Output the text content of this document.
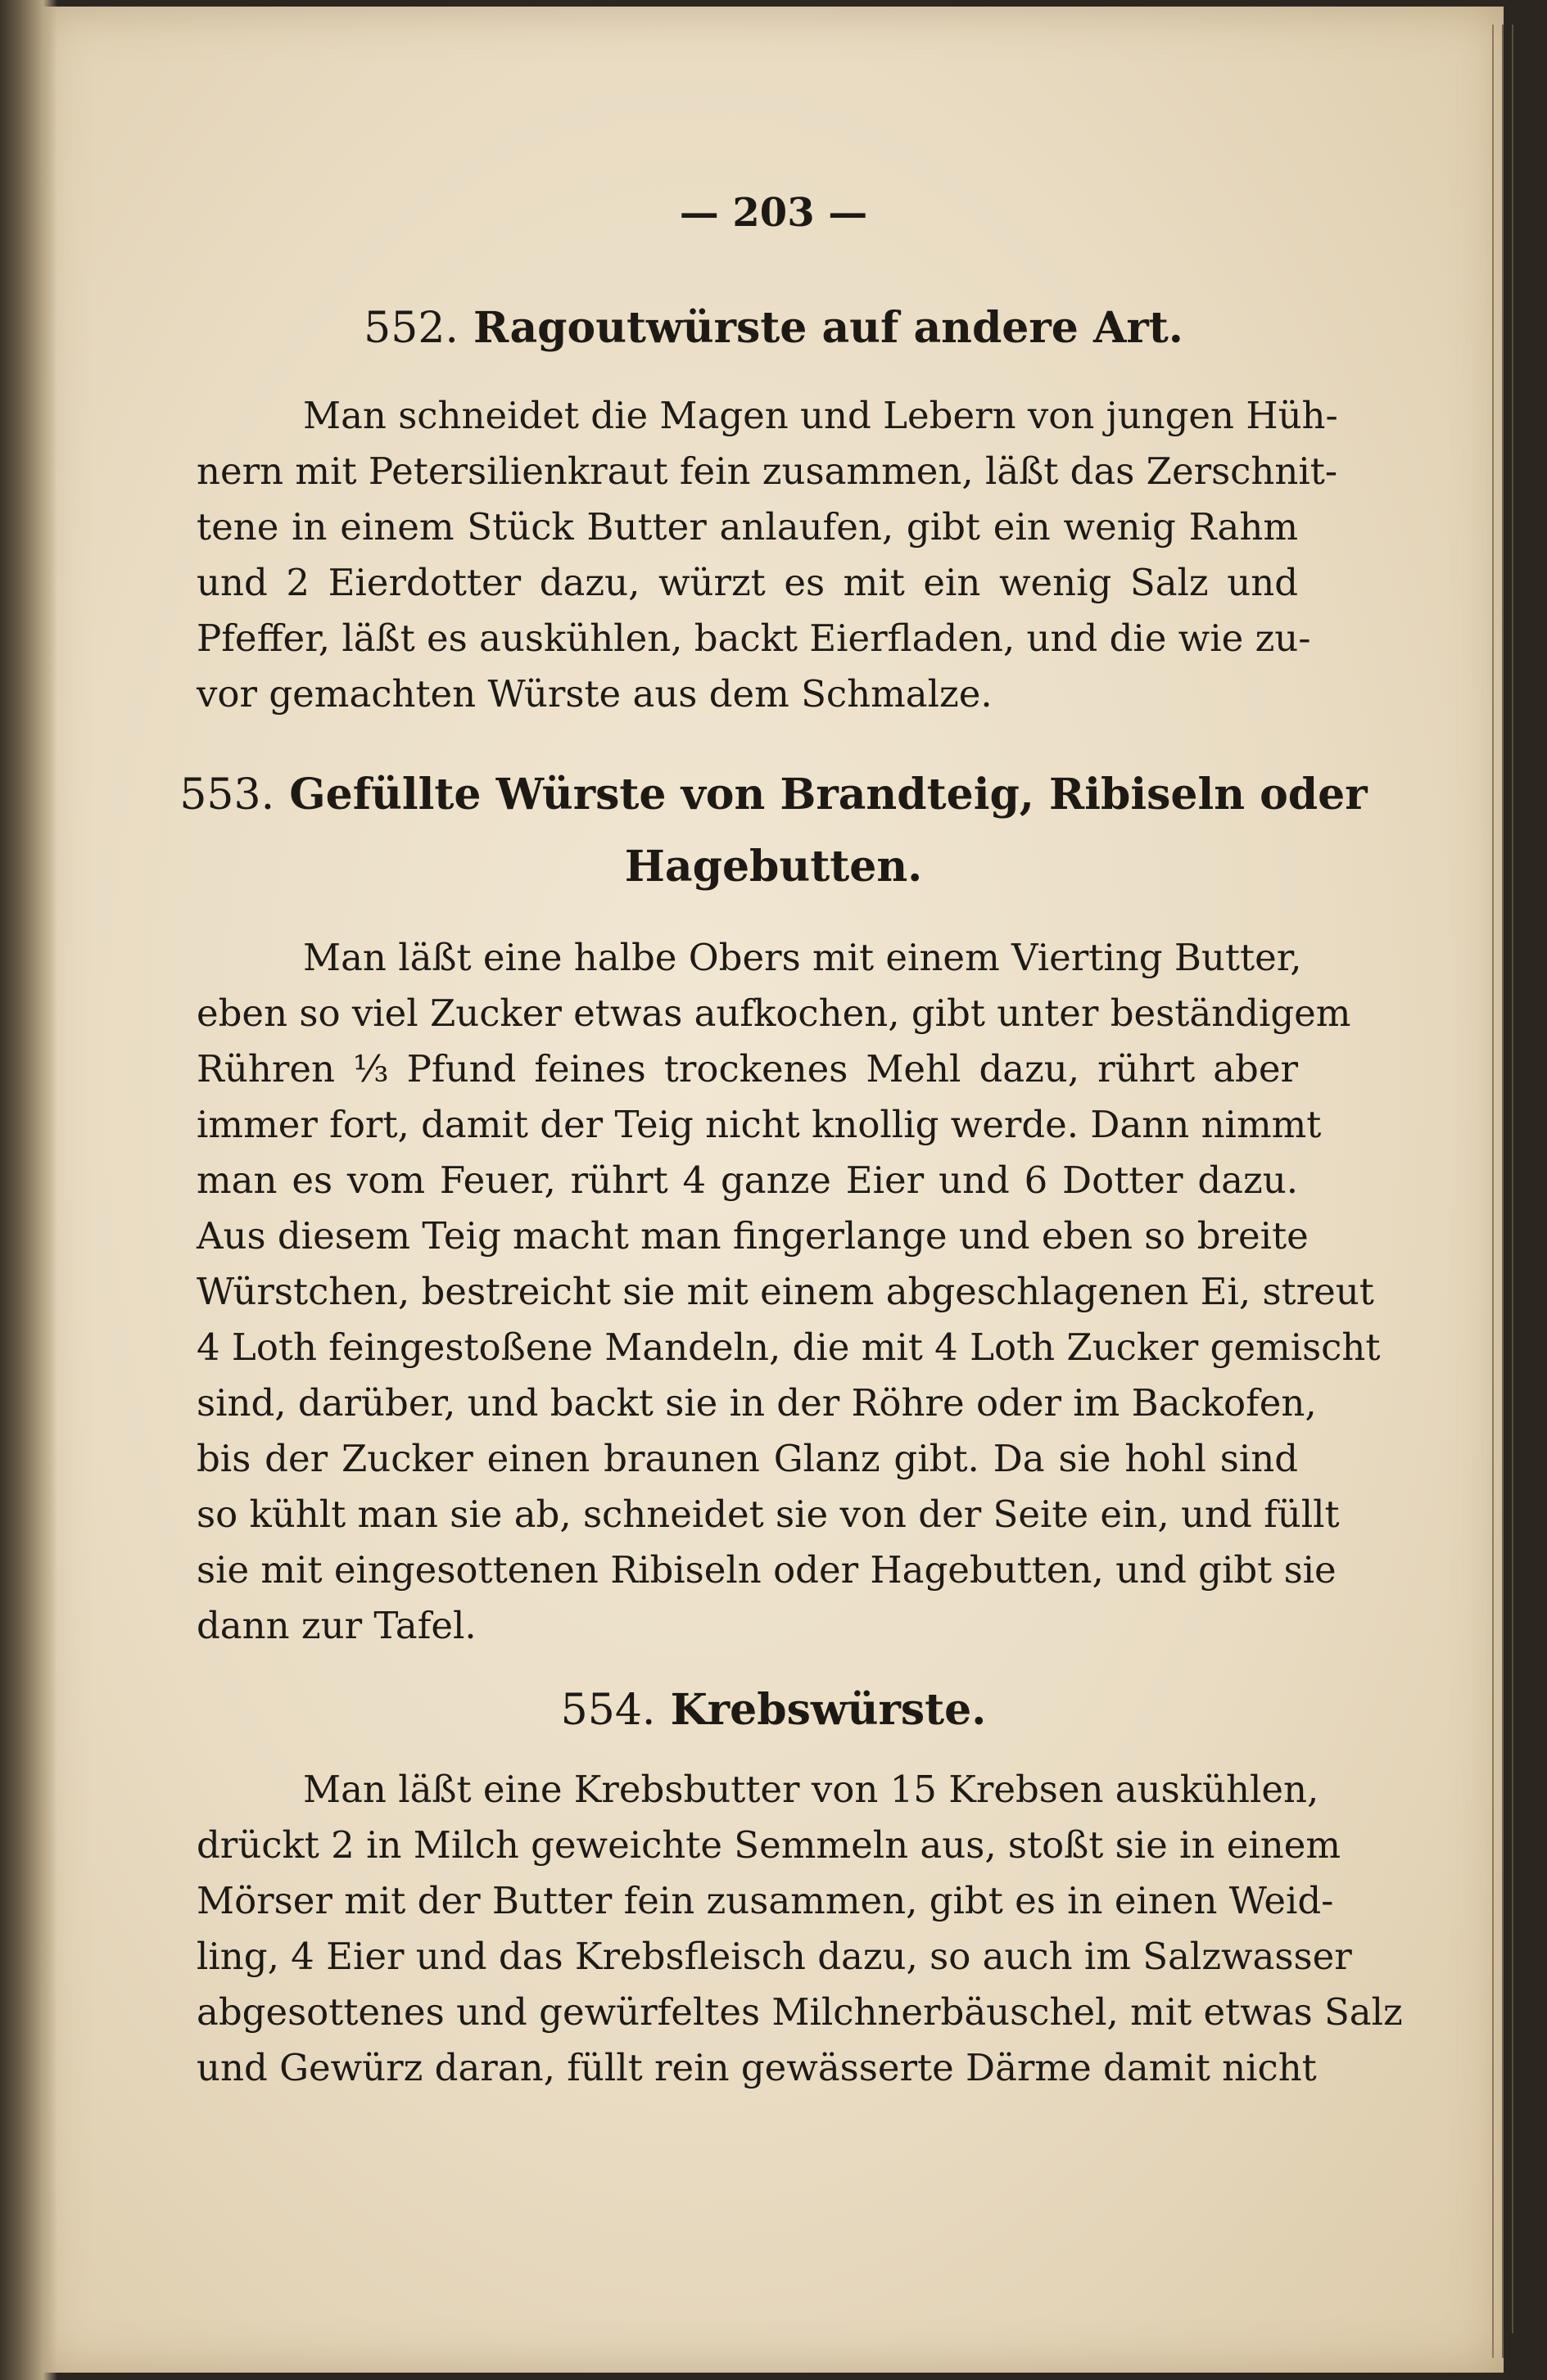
— 203 —
552. Ragoutwürste auf andere Art.
Man schneidet die Magen und Lebern von jungen Hüh-
nern mit Petersilienkraut fein zusammen, läßt das Zerschnit-
tene in einem Stück Butter anlaufen, gibt ein wenig Rahm
und 2 Eierdotter dazu, würzt es mit ein wenig Salz und
Pfeffer, läßt es auskühlen, backt Eierfladen, und die wie zu-
vor gemachten Würste aus dem Schmalze.
553. Gefüllte Würste von Brandteig, Ribiseln oder
Hagebutten.
Man läßt eine halbe Obers mit einem Vierting Butter,
eben so viel Zucker etwas aufkochen, gibt unter beständigem
Rühren ⅓ Pfund feines trockenes Mehl dazu, rührt aber
immer fort, damit der Teig nicht knollig werde. Dann nimmt
man es vom Feuer, rührt 4 ganze Eier und 6 Dotter dazu.
Aus diesem Teig macht man fingerlange und eben so breite
Würstchen, bestreicht sie mit einem abgeschlagenen Ei, streut
4 Loth feingestoßene Mandeln, die mit 4 Loth Zucker gemischt
sind, darüber, und backt sie in der Röhre oder im Backofen,
bis der Zucker einen braunen Glanz gibt. Da sie hohl sind
so kühlt man sie ab, schneidet sie von der Seite ein, und füllt
sie mit eingesottenen Ribiseln oder Hagebutten, und gibt sie
dann zur Tafel.
554. Krebswürste.
Man läßt eine Krebsbutter von 15 Krebsen auskühlen,
drückt 2 in Milch geweichte Semmeln aus, stoßt sie in einem
Mörser mit der Butter fein zusammen, gibt es in einen Weid-
ling, 4 Eier und das Krebsfleisch dazu, so auch im Salzwasser
abgesottenes und gewürfeltes Milchnerbäuschel, mit etwas Salz
und Gewürz daran, füllt rein gewässerte Därme damit nicht
